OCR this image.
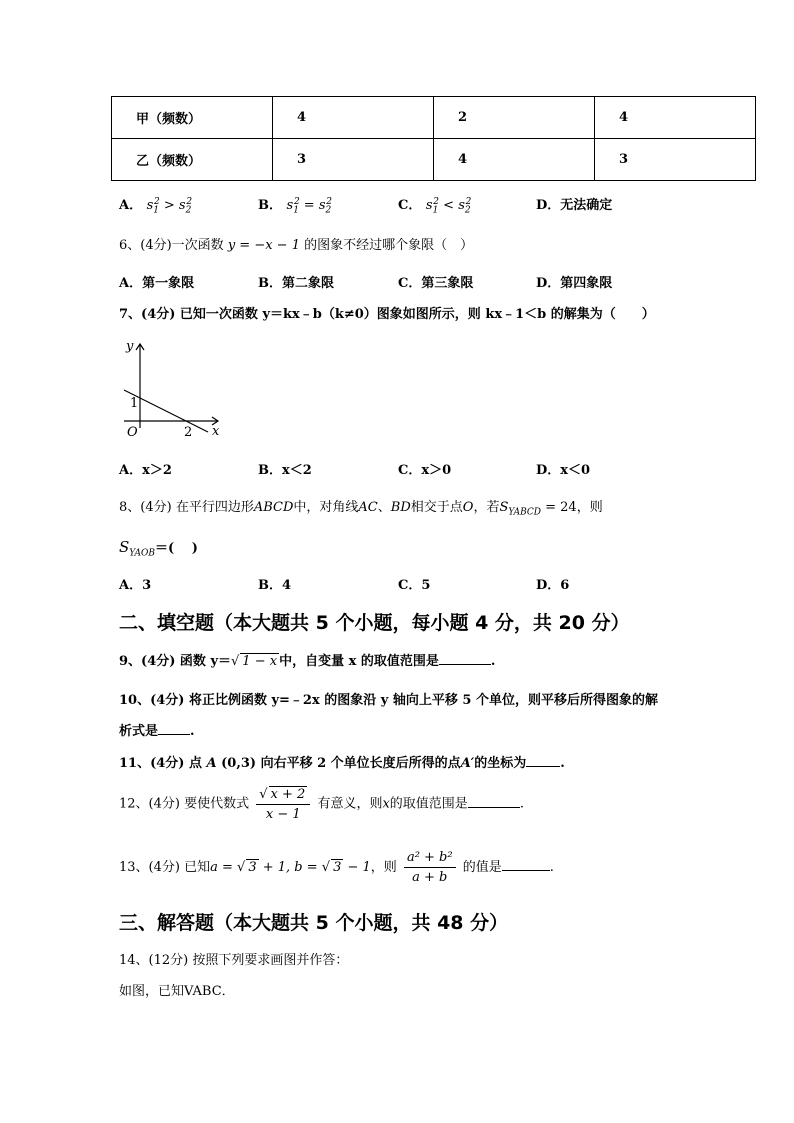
甲（频数）	4	2	4
乙（频数）	3	4	3
A． $s_1^2 > s_2^2$	B． $s_1^2 = s_2^2$	C． $s_1^2 < s_2^2$	D．无法确定
6、(4分)一次函数 y = −x − 1 的图象不经过哪个象限（　）
A．第一象限	B．第二象限	C．第三象限	D．第四象限
7、(4分) 已知一次函数 y＝kx﹣b（k≠0）图象如图所示，则 kx﹣1＜b 的解集为（　　）
y
x
O
1
2
A．x＞2	B．x＜2	C．x＞0	D．x＜0
8、(4分) 在平行四边形ABCD中，对角线AC、BD相交于点O，若$S_{YABCD} = 24$，则
$S_{YAOB}=$(　 )
A．3	B．4	C．5	D．6
二、填空题（本大题共 5 个小题，每小题 4 分，共 20 分）
9、(4分) 函数 y＝√ 1 − x 中，自变量 x 的取值范围是	.
10、(4分) 将正比例函数 y=﹣2x 的图象沿 y 轴向上平移 5 个单位，则平移后所得图象的解
析式是 .
11、(4分) 点 A (0,3) 向右平移 2 个单位长度后所得的点A′的坐标为	.
12、(4分) 要使代数式 $\frac{√ x + 2}{x - 1}$ 有意义，则x的取值范围是	.
13、(4分) 已知a = √ 3 + 1, b = √ 3 − 1，则 $\frac{\text{a² + b²}}{a + b}$ 的值是	.
三、解答题（本大题共 5 个小题，共 48 分）
14、(12分) 按照下列要求画图并作答：
如图，已知VABC．
